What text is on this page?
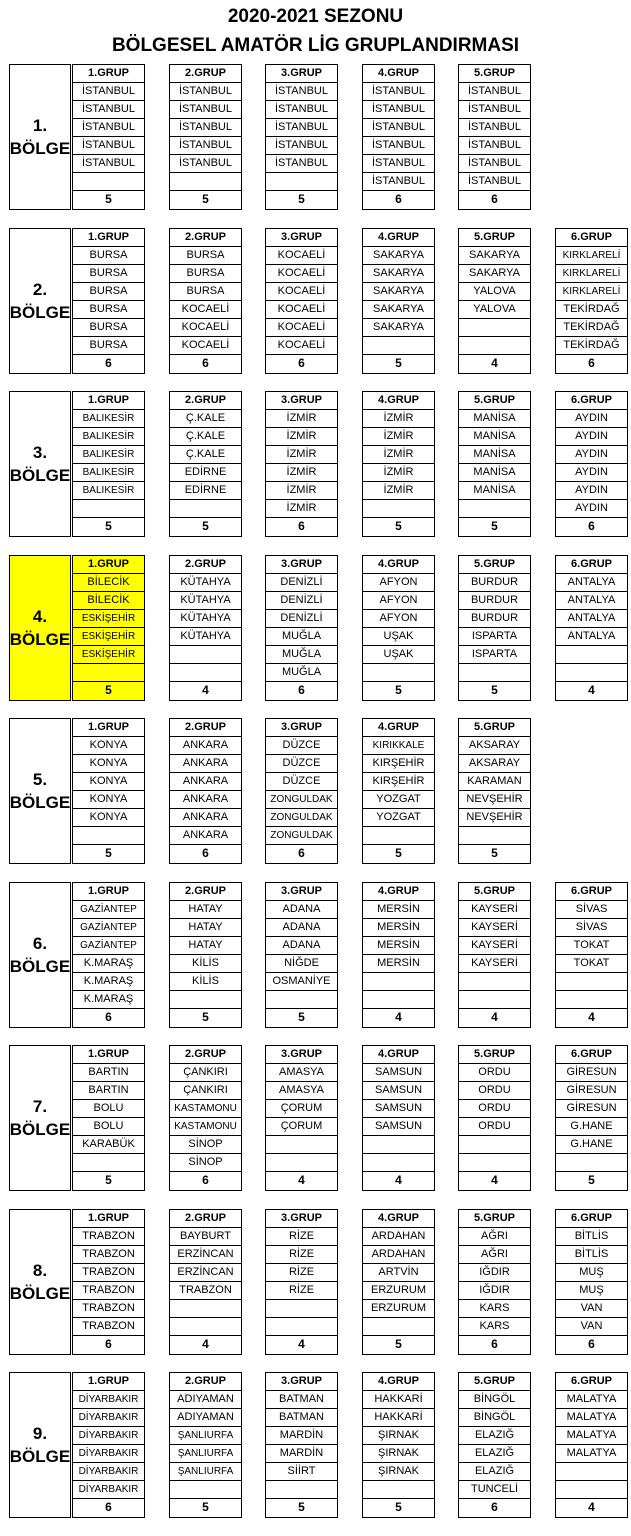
2020-2021 SEZONU
BÖLGESEL AMATÖR LİG GRUPLANDIRMASI
1.
BÖLGE
1.GRUP
İSTANBUL
İSTANBUL
İSTANBUL
İSTANBUL
İSTANBUL
5
2.GRUP
İSTANBUL
İSTANBUL
İSTANBUL
İSTANBUL
İSTANBUL
5
3.GRUP
İSTANBUL
İSTANBUL
İSTANBUL
İSTANBUL
İSTANBUL
5
4.GRUP
İSTANBUL
İSTANBUL
İSTANBUL
İSTANBUL
İSTANBUL
İSTANBUL
6
5.GRUP
İSTANBUL
İSTANBUL
İSTANBUL
İSTANBUL
İSTANBUL
İSTANBUL
6
2.
BÖLGE
1.GRUP
BURSA
BURSA
BURSA
BURSA
BURSA
BURSA
6
2.GRUP
BURSA
BURSA
BURSA
KOCAELİ
KOCAELİ
KOCAELİ
6
3.GRUP
KOCAELİ
KOCAELİ
KOCAELİ
KOCAELİ
KOCAELİ
KOCAELİ
6
4.GRUP
SAKARYA
SAKARYA
SAKARYA
SAKARYA
SAKARYA
5
5.GRUP
SAKARYA
SAKARYA
YALOVA
YALOVA
4
6.GRUP
KIRKLARELİ
KIRKLARELİ
KIRKLARELİ
TEKİRDAĞ
TEKİRDAĞ
TEKİRDAĞ
6
3.
BÖLGE
1.GRUP
BALIKESİR
BALIKESİR
BALIKESİR
BALIKESİR
BALIKESİR
5
2.GRUP
Ç.KALE
Ç.KALE
Ç.KALE
EDİRNE
EDİRNE
5
3.GRUP
İZMİR
İZMİR
İZMİR
İZMİR
İZMİR
İZMİR
6
4.GRUP
İZMİR
İZMİR
İZMİR
İZMİR
İZMİR
5
5.GRUP
MANİSA
MANİSA
MANİSA
MANİSA
MANİSA
5
6.GRUP
AYDIN
AYDIN
AYDIN
AYDIN
AYDIN
AYDIN
6
4.
BÖLGE
1.GRUP
BİLECİK
BİLECİK
ESKİŞEHİR
ESKİŞEHİR
ESKİŞEHİR
5
2.GRUP
KÜTAHYA
KÜTAHYA
KÜTAHYA
KÜTAHYA
4
3.GRUP
DENİZLİ
DENİZLİ
DENİZLİ
MUĞLA
MUĞLA
MUĞLA
6
4.GRUP
AFYON
AFYON
AFYON
UŞAK
UŞAK
5
5.GRUP
BURDUR
BURDUR
BURDUR
ISPARTA
ISPARTA
5
6.GRUP
ANTALYA
ANTALYA
ANTALYA
ANTALYA
4
5.
BÖLGE
1.GRUP
KONYA
KONYA
KONYA
KONYA
KONYA
5
2.GRUP
ANKARA
ANKARA
ANKARA
ANKARA
ANKARA
ANKARA
6
3.GRUP
DÜZCE
DÜZCE
DÜZCE
ZONGULDAK
ZONGULDAK
ZONGULDAK
6
4.GRUP
KIRIKKALE
KIRŞEHİR
KIRŞEHİR
YOZGAT
YOZGAT
5
5.GRUP
AKSARAY
AKSARAY
KARAMAN
NEVŞEHİR
NEVŞEHİR
5
6.
BÖLGE
1.GRUP
GAZİANTEP
GAZİANTEP
GAZİANTEP
K.MARAŞ
K.MARAŞ
K.MARAŞ
6
2.GRUP
HATAY
HATAY
HATAY
KİLİS
KİLİS
5
3.GRUP
ADANA
ADANA
ADANA
NİĞDE
OSMANİYE
5
4.GRUP
MERSİN
MERSİN
MERSİN
MERSİN
4
5.GRUP
KAYSERİ
KAYSERİ
KAYSERİ
KAYSERİ
4
6.GRUP
SİVAS
SİVAS
TOKAT
TOKAT
4
7.
BÖLGE
1.GRUP
BARTIN
BARTIN
BOLU
BOLU
KARABÜK
5
2.GRUP
ÇANKIRI
ÇANKIRI
KASTAMONU
KASTAMONU
SİNOP
SİNOP
6
3.GRUP
AMASYA
AMASYA
ÇORUM
ÇORUM
4
4.GRUP
SAMSUN
SAMSUN
SAMSUN
SAMSUN
4
5.GRUP
ORDU
ORDU
ORDU
ORDU
4
6.GRUP
GİRESUN
GİRESUN
GİRESUN
G.HANE
G.HANE
5
8.
BÖLGE
1.GRUP
TRABZON
TRABZON
TRABZON
TRABZON
TRABZON
TRABZON
6
2.GRUP
BAYBURT
ERZİNCAN
ERZİNCAN
TRABZON
4
3.GRUP
RİZE
RİZE
RİZE
RİZE
4
4.GRUP
ARDAHAN
ARDAHAN
ARTVİN
ERZURUM
ERZURUM
5
5.GRUP
AĞRI
AĞRI
IĞDIR
IĞDIR
KARS
KARS
6
6.GRUP
BİTLİS
BİTLİS
MUŞ
MUŞ
VAN
VAN
6
9.
BÖLGE
1.GRUP
DİYARBAKIR
DİYARBAKIR
DİYARBAKIR
DİYARBAKIR
DİYARBAKIR
DİYARBAKIR
6
2.GRUP
ADIYAMAN
ADIYAMAN
ŞANLIURFA
ŞANLIURFA
ŞANLIURFA
5
3.GRUP
BATMAN
BATMAN
MARDİN
MARDİN
SİİRT
5
4.GRUP
HAKKARİ
HAKKARİ
ŞIRNAK
ŞIRNAK
ŞIRNAK
5
5.GRUP
BİNGÖL
BİNGÖL
ELAZIĞ
ELAZIĞ
ELAZIĞ
TUNCELİ
6
6.GRUP
MALATYA
MALATYA
MALATYA
MALATYA
4
